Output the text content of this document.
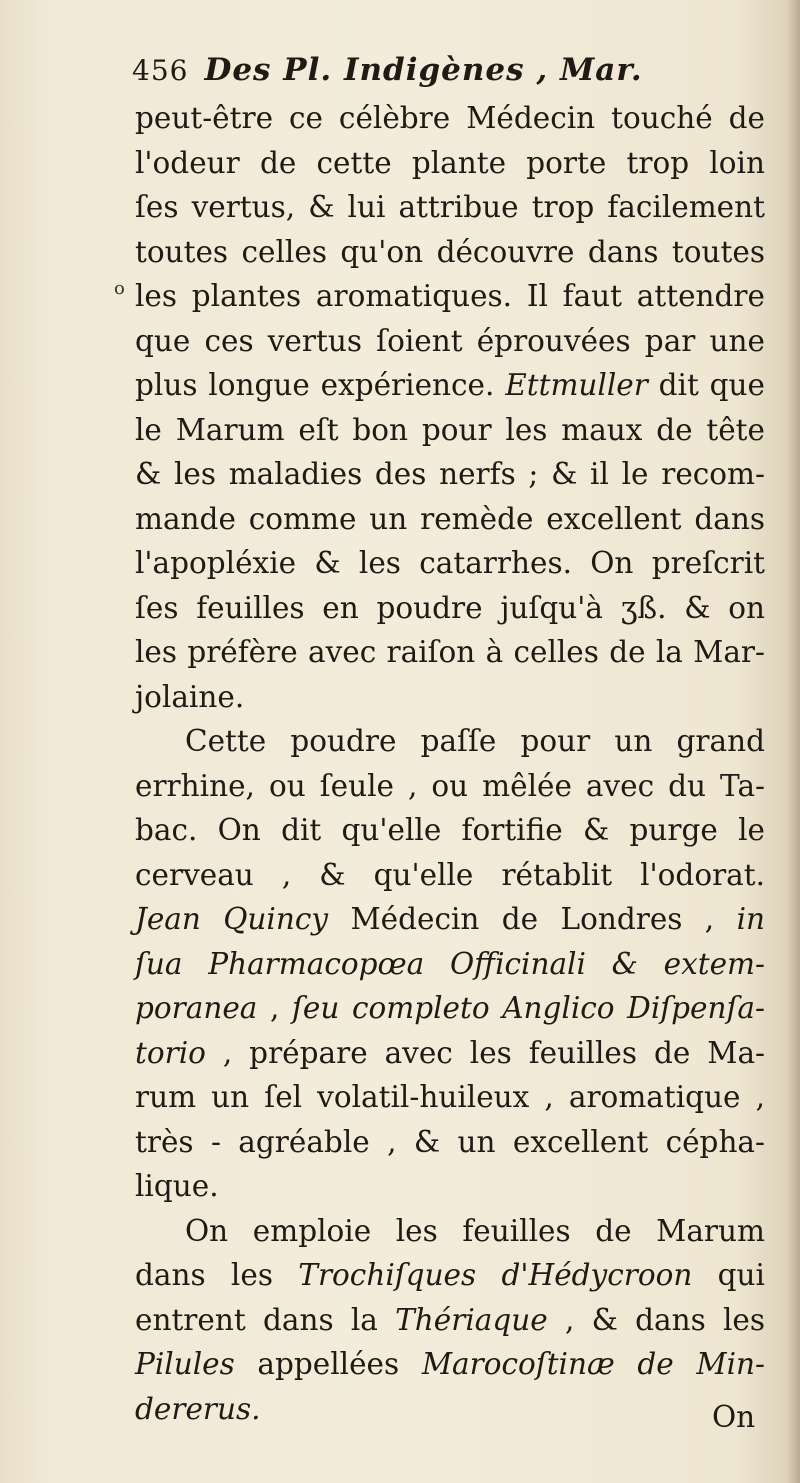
456 Des Pl. Indigènes , Mar.
o
peut-être ce célèbre Médecin touché de
l'odeur de cette plante porte trop loin
ſes vertus, & lui attribue trop facilement
toutes celles qu'on découvre dans toutes
les plantes aromatiques. Il faut attendre
que ces vertus ſoient éprouvées par une
plus longue expérience. Ettmuller dit que
le Marum eſt bon pour les maux de tête
& les maladies des nerfs ; & il le recom-
mande comme un remède excellent dans
l'apopléxie & les catarrhes. On preſcrit
ſes feuilles en poudre juſqu'à ʒß. & on
les préfère avec raiſon à celles de la Mar-
jolaine.
Cette poudre paſſe pour un grand
errhine, ou ſeule , ou mêlée avec du Ta-
bac. On dit qu'elle fortifie & purge le
cerveau , & qu'elle rétablit l'odorat.
Jean Quincy Médecin de Londres , in
ſua Pharmacopœa Officinali & extem-
poranea , ſeu completo Anglico Diſpenſa-
torio , prépare avec les feuilles de Ma-
rum un ſel volatil-huileux , aromatique ,
très - agréable , & un excellent cépha-
lique.
On emploie les feuilles de Marum
dans les Trochiſques d'Hédycroon qui
entrent dans la Thériaque , & dans les
Pilules appellées Marocoſtinæ de Min-
dererus.	On
